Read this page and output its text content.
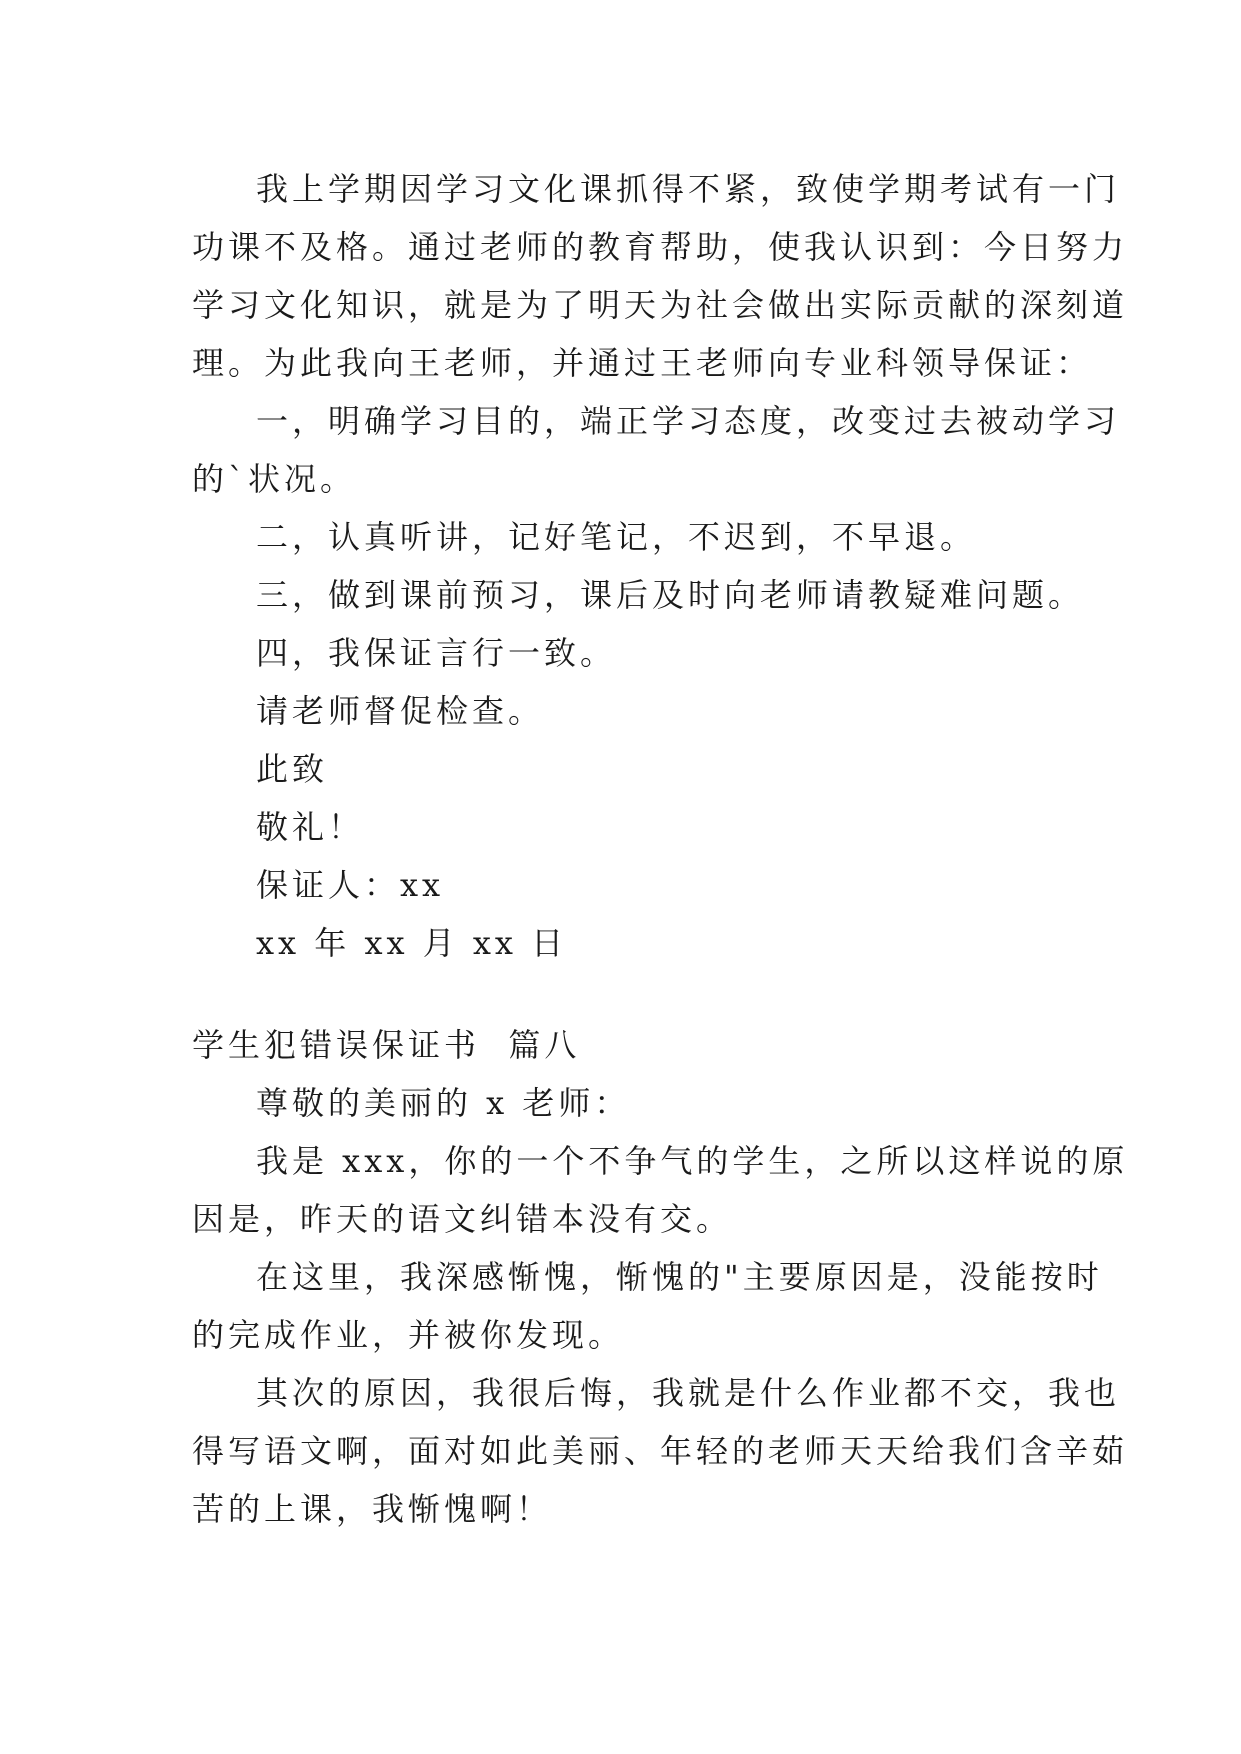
我上学期因学习文化课抓得不紧，致使学期考试有一门
功课不及格。通过老师的教育帮助，使我认识到：今日努力
学习文化知识，就是为了明天为社会做出实际贡献的深刻道
理。为此我向王老师，并通过王老师向专业科领导保证：
一，明确学习目的，端正学习态度，改变过去被动学习
的`状况。
二，认真听讲，记好笔记，不迟到，不早退。
三，做到课前预习，课后及时向老师请教疑难问题。
四，我保证言行一致。
请老师督促检查。
此致
敬礼！
保证人：xx
xx 年 xx 月 xx 日
学生犯错误保证书  篇八
尊敬的美丽的 x 老师：
我是 xxx，你的一个不争气的学生，之所以这样说的原
因是，昨天的语文纠错本没有交。
在这里，我深感惭愧，惭愧的"主要原因是，没能按时
的完成作业，并被你发现。
其次的原因，我很后悔，我就是什么作业都不交，我也
得写语文啊，面对如此美丽、年轻的老师天天给我们含辛茹
苦的上课，我惭愧啊！
